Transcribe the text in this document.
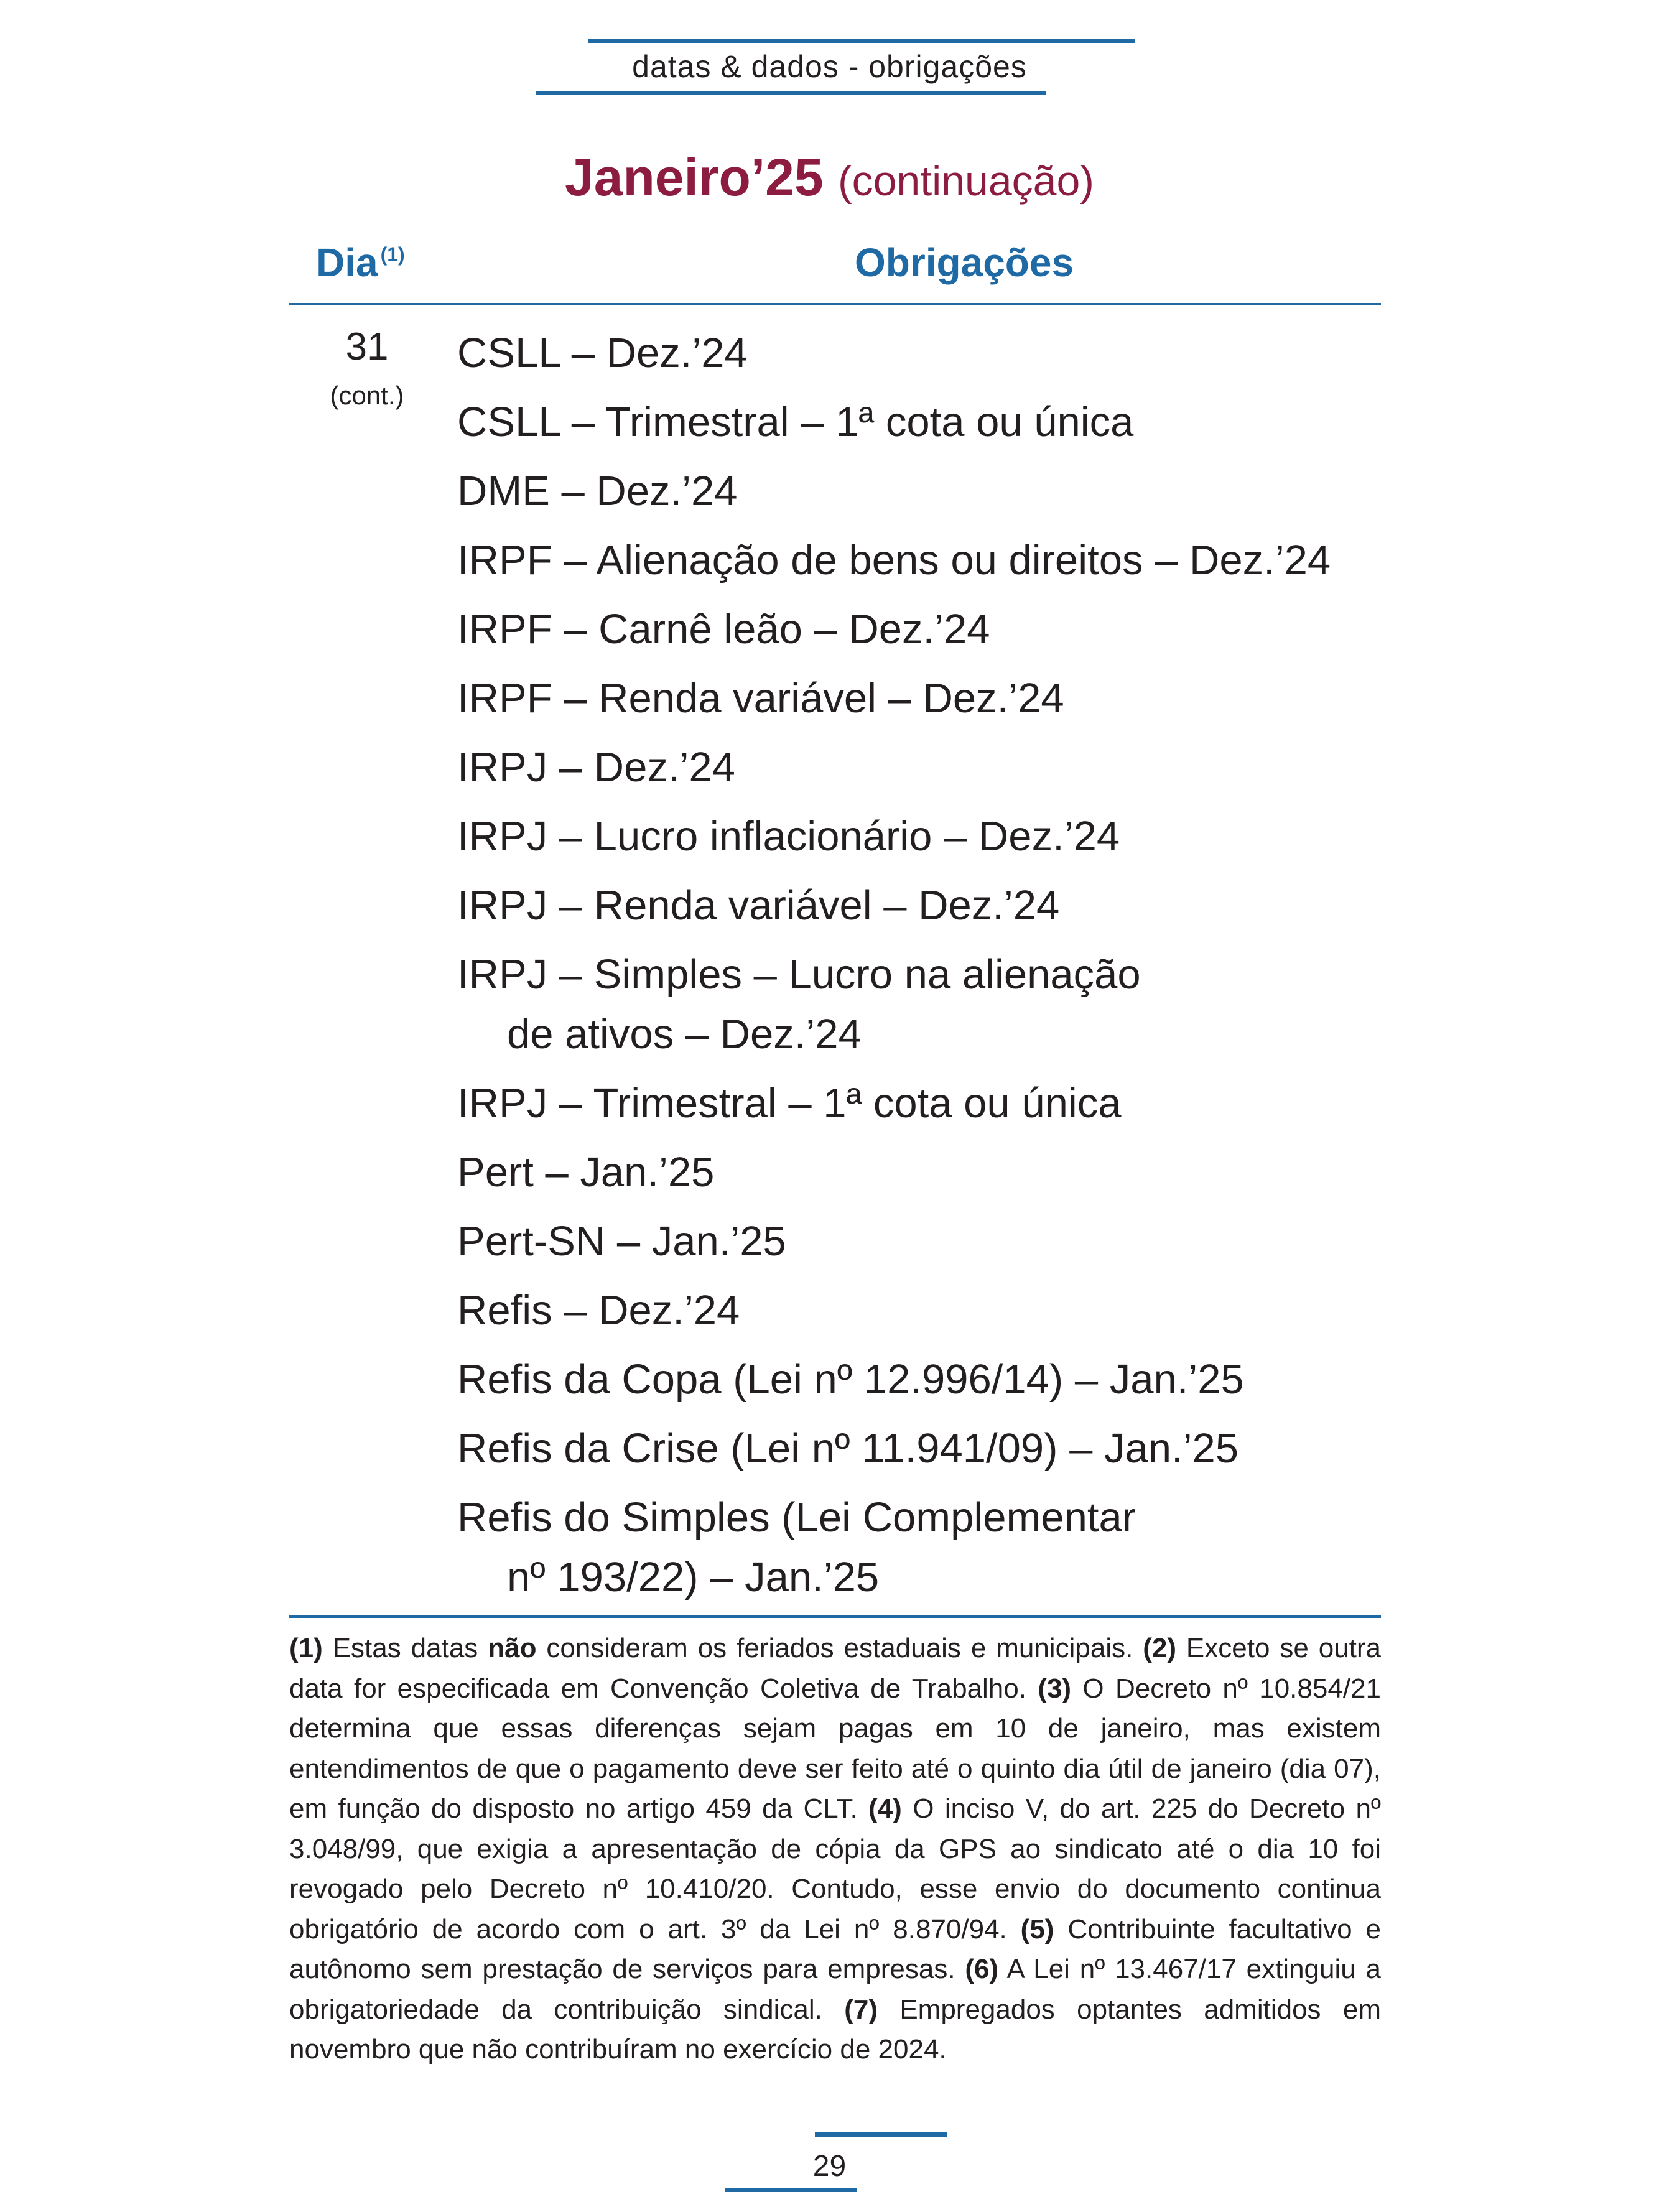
datas & dados - obrigações
Janeiro’25 (continuação)
Dia $^{(1)}$	Obrigações
31
(cont.)
CSLL – Dez.’24
CSLL – Trimestral – 1ª cota ou única
DME – Dez.’24
IRPF – Alienação de bens ou direitos – Dez.’24
IRPF – Carnê leão – Dez.’24
IRPF – Renda variável – Dez.’24
IRPJ – Dez.’24
IRPJ – Lucro inflacionário – Dez.’24
IRPJ – Renda variável – Dez.’24
IRPJ – Simples – Lucro na alienação
de ativos – Dez.’24
IRPJ – Trimestral – 1ª cota ou única
Pert – Jan.’25
Pert-SN – Jan.’25
Refis – Dez.’24
Refis da Copa (Lei nº 12.996/14) – Jan.’25
Refis da Crise (Lei nº 11.941/09) – Jan.’25
Refis do Simples (Lei Complementar
nº 193/22) – Jan.’25
(1) Estas datas não consideram os feriados estaduais e municipais. (2) Exceto se outra data for especificada em Convenção Coletiva de Trabalho. (3) O Decreto nº 10.854/21 determina que essas diferenças sejam pagas em 10 de janeiro, mas existem entendimentos de que o pagamento deve ser feito até o quinto dia útil de janeiro (dia 07), em função do disposto no artigo 459 da CLT. (4) O inciso V, do art. 225 do Decreto nº 3.048/99, que exigia a apresentação de cópia da GPS ao sindicato até o dia 10 foi revogado pelo Decreto nº 10.410/20. Contudo, esse envio do documento continua obrigatório de acordo com o art. 3º da Lei nº 8.870/94. (5) Contribuinte facultativo e autônomo sem prestação de serviços para empresas. (6) A Lei nº 13.467/17 extinguiu a obrigatoriedade da contribuição sindical. (7) Empregados optantes admitidos em novembro que não contribuíram no exercício de 2024.
29
